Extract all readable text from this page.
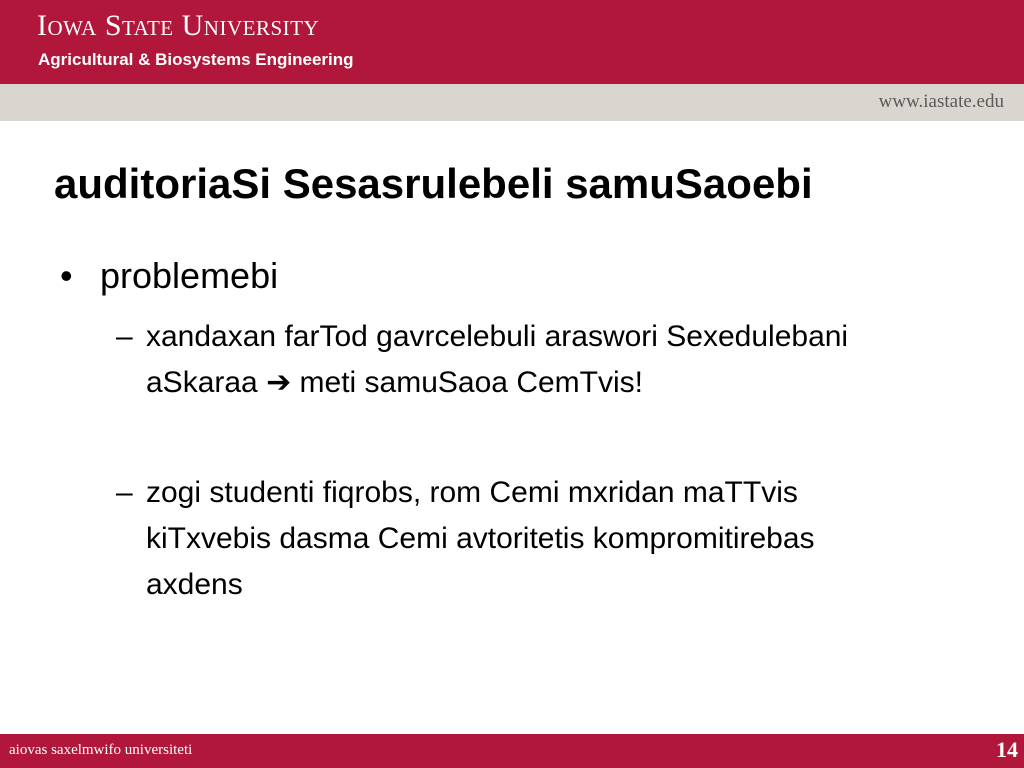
Iowa State University
Agricultural & Biosystems Engineering
www.iastate.edu
auditoriaSi Sesasrulebeli samuSaoebi
• problemebi
– xandaxan farTod gavrcelebuli araswori Sexedulebani aSkaraa ➔ meti samuSaoa CemTvis!
– zogi studenti fiqrobs, rom Cemi mxridan maTTvis kiTxvebis dasma Cemi avtoritetis kompromitirebas axdens
aiovas saxelmwifo universiteti	14
